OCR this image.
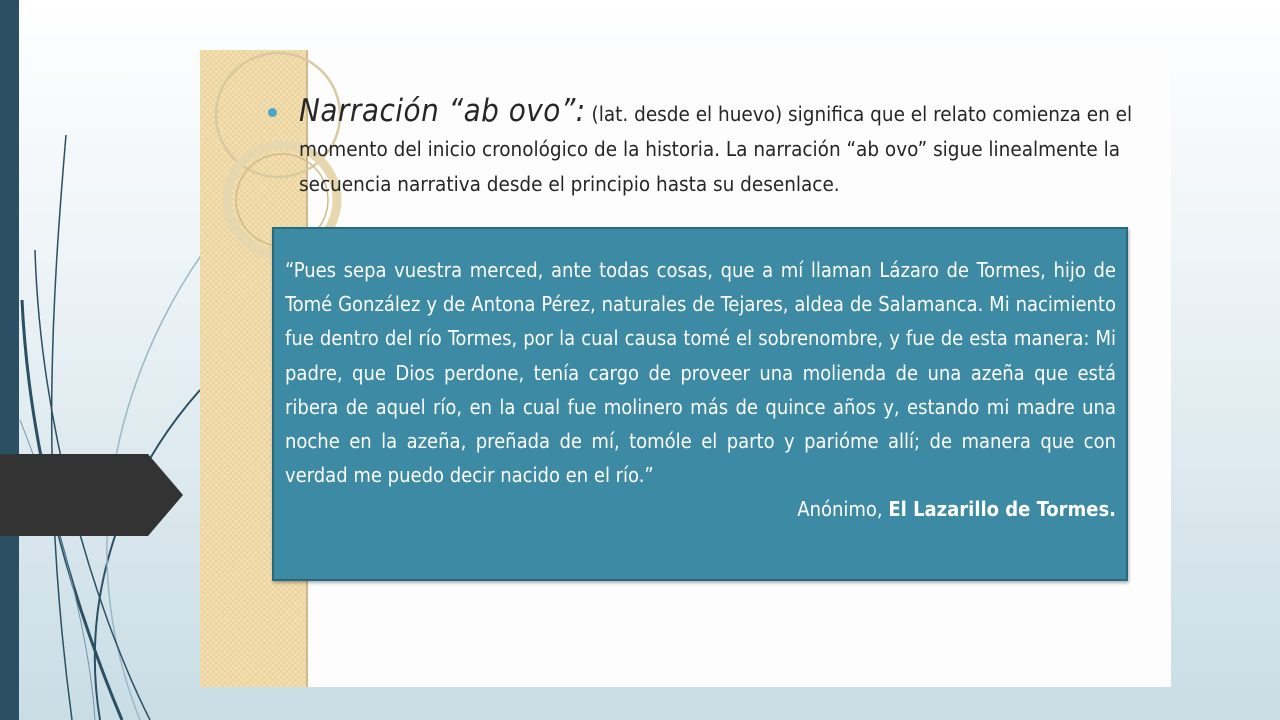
Narración “ab ovo”: (lat. desde el huevo) significa que el relato comienza en el momento del inicio cronológico de la historia. La narración “ab ovo” sigue linealmente la secuencia narrativa desde el principio hasta su desenlace.

“Pues sepa vuestra merced, ante todas cosas, que a mí llaman Lázaro de Tormes, hijo de Tomé González y de Antona Pérez, naturales de Tejares, aldea de Salamanca. Mi nacimiento fue dentro del río Tormes, por la cual causa tomé el sobrenombre, y fue de esta manera: Mi padre, que Dios perdone, tenía cargo de proveer una molienda de una azeña que está ribera de aquel río, en la cual fue molinero más de quince años y, estando mi madre una noche en la azeña, preñada de mí, tomóle el parto y parióme allí; de manera que con verdad me puedo decir nacido en el río.”

Anónimo, El Lazarillo de Tormes.
